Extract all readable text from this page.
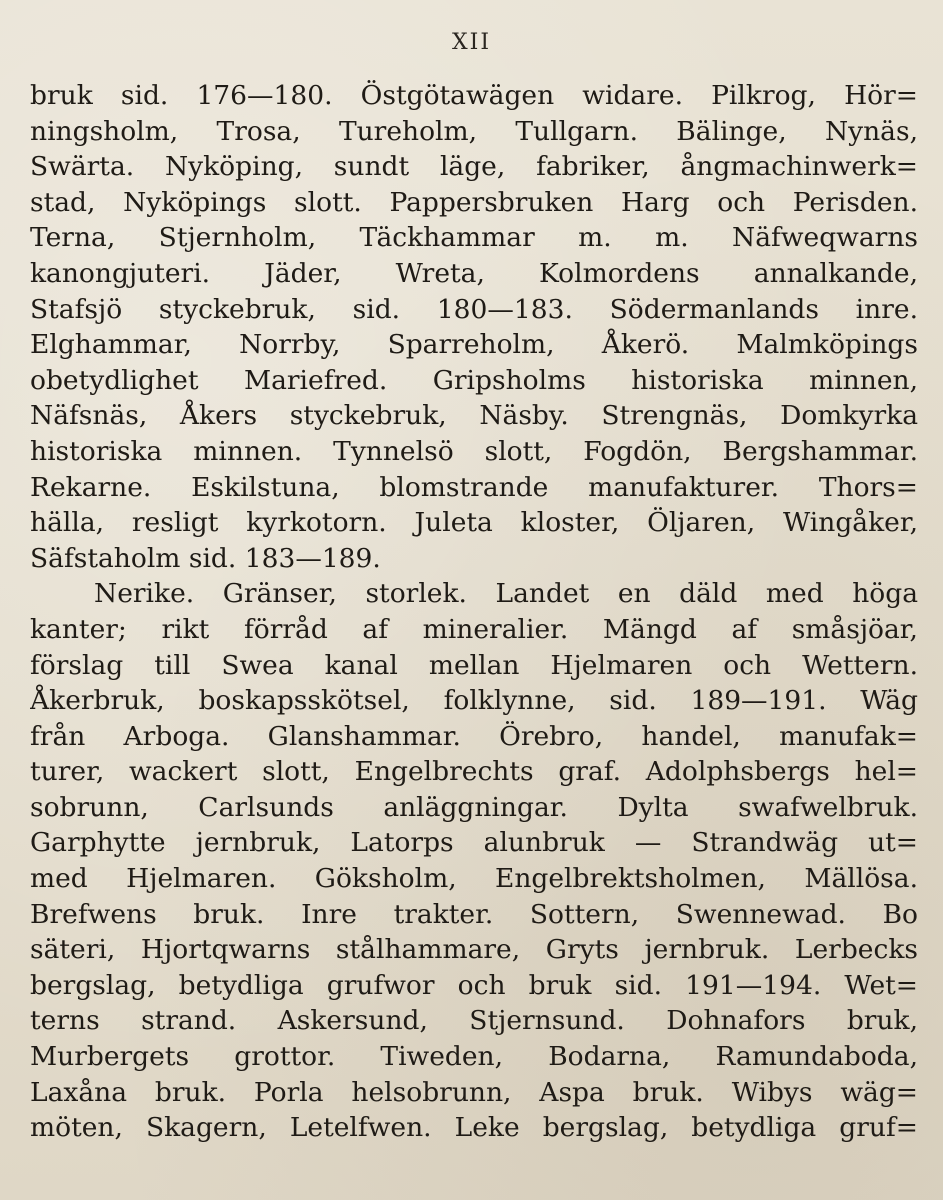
XII
bruk sid. 176—180. Östgötawägen widare. Pilkrog, Hör=
ningsholm, Trosa, Tureholm, Tullgarn. Bälinge, Nynäs,
Swärta. Nyköping, sundt läge, fabriker, ångmachinwerk=
stad, Nyköpings slott. Pappersbruken Harg och Perisden.
Terna, Stjernholm, Täckhammar m. m. Näfweqwarns
kanongjuteri. Jäder, Wreta, Kolmordens annalkande,
Stafsjö styckebruk, sid. 180—183. Södermanlands inre.
Elghammar, Norrby, Sparreholm, Åkerö. Malmköpings
obetydlighet Mariefred. Gripsholms historiska minnen,
Näfsnäs, Åkers styckebruk, Näsby. Strengnäs, Domkyrka
historiska minnen. Tynnelsö slott, Fogdön, Bergshammar.
Rekarne. Eskilstuna, blomstrande manufakturer. Thors=
hälla, resligt kyrkotorn. Juleta kloster, Öljaren, Wingåker,
Säfstaholm sid. 183—189.
Nerike. Gränser, storlek. Landet en däld med höga
kanter; rikt förråd af mineralier. Mängd af småsjöar,
förslag till Swea kanal mellan Hjelmaren och Wettern.
Åkerbruk, boskapsskötsel, folklynne, sid. 189—191. Wäg
från Arboga. Glanshammar. Örebro, handel, manufak=
turer, wackert slott, Engelbrechts graf. Adolphsbergs hel=
sobrunn, Carlsunds anläggningar. Dylta swafwelbruk.
Garphytte jernbruk, Latorps alunbruk — Strandwäg ut=
med Hjelmaren. Göksholm, Engelbrektsholmen, Mällösa.
Brefwens bruk. Inre trakter. Sottern, Swennewad. Bo
säteri, Hjortqwarns stålhammare, Gryts jernbruk. Lerbecks
bergslag, betydliga grufwor och bruk sid. 191—194. Wet=
terns strand. Askersund, Stjernsund. Dohnafors bruk,
Murbergets grottor. Tiweden, Bodarna, Ramundaboda,
Laxåna bruk. Porla helsobrunn, Aspa bruk. Wibys wäg=
möten, Skagern, Letelfwen. Leke bergslag, betydliga gruf=
